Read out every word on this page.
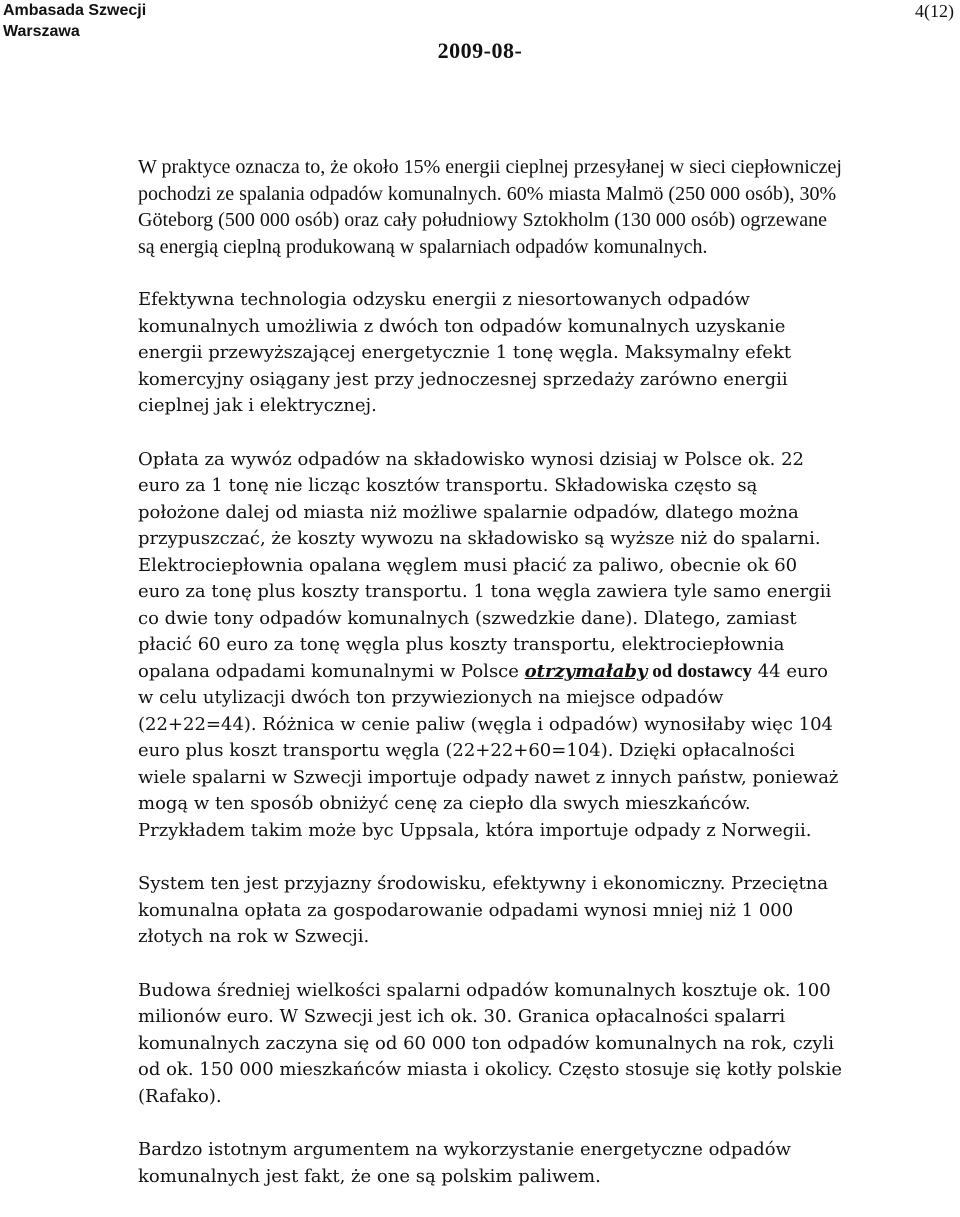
Ambasada Szwecji
Warszawa
4(12)
2009-08-

W praktyce oznacza to, że około 15% energii cieplnej przesyłanej w sieci ciepłowniczej pochodzi ze spalania odpadów komunalnych. 60% miasta Malmö (250 000 osób), 30% Göteborg (500 000 osób) oraz cały południowy Sztokholm (130 000 osób) ogrzewane są energią cieplną produkowaną w spalarniach odpadów komunalnych.

Efektywna technologia odzysku energii z niesortowanych odpadów komunalnych umożliwia z dwóch ton odpadów komunalnych uzyskanie energii przewyższającej energetycznie 1 tonę węgla. Maksymalny efekt komercyjny osiągany jest przy jednoczesnej sprzedaży zarówno energii cieplnej jak i elektrycznej.

Opłata za wywóz odpadów na składowisko wynosi dzisiaj w Polsce ok. 22 euro za 1 tonę nie licząc kosztów transportu. Składowiska często są położone dalej od miasta niż możliwe spalarnie odpadów, dlatego można przypuszczać, że koszty wywozu na składowisko są wyższe niż do spalarni. Elektrociepłownia opalana węglem musi płacić za paliwo, obecnie ok 60 euro za tonę plus koszty transportu. 1 tona węgla zawiera tyle samo energii co dwie tony odpadów komunalnych (szwedzkie dane). Dlatego, zamiast płacić 60 euro za tonę węgla plus koszty transportu, elektrociepłownia opalana odpadami komunalnymi w Polsce otrzymałaby od dostawcy 44 euro w celu utylizacji dwóch ton przywiezionych na miejsce odpadów (22+22=44). Różnica w cenie paliw (węgla i odpadów) wynosiłaby więc 104 euro plus koszt transportu węgla (22+22+60=104). Dzięki opłacalności wiele spalarni w Szwecji importuje odpady nawet z innych państw, ponieważ mogą w ten sposób obniżyć cenę za ciepło dla swych mieszkańców. Przykładem takim może byc Uppsala, która importuje odpady z Norwegii.

System ten jest przyjazny środowisku, efektywny i ekonomiczny. Przeciętna komunalna opłata za gospodarowanie odpadami wynosi mniej niż 1 000 złotych na rok w Szwecji.

Budowa średniej wielkości spalarni odpadów komunalnych kosztuje ok. 100 milionów euro. W Szwecji jest ich ok. 30. Granica opłacalności spalarri komunalnych zaczyna się od 60 000 ton odpadów komunalnych na rok, czyli od ok. 150 000 mieszkańców miasta i okolicy. Często stosuje się kotły polskie (Rafako).

Bardzo istotnym argumentem na wykorzystanie energetyczne odpadów komunalnych jest fakt, że one są polskim paliwem.
